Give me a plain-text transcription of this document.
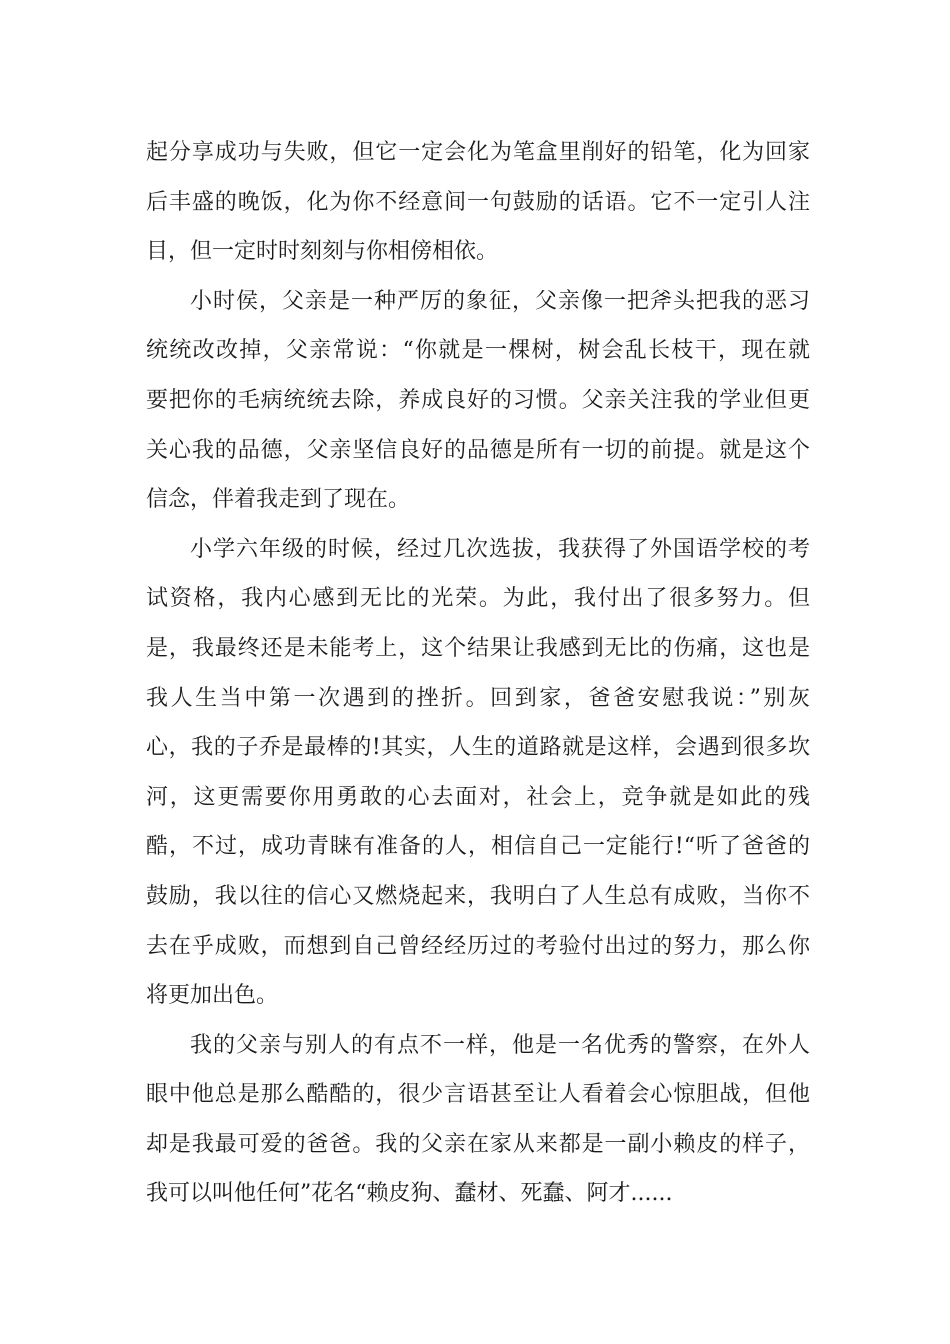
起分享成功与失败，但它一定会化为笔盒里削好的铅笔，化为回家
后丰盛的晚饭，化为你不经意间一句鼓励的话语。它不一定引人注
目，但一定时时刻刻与你相傍相依。
小时侯，父亲是一种严厉的象征，父亲像一把斧头把我的恶习
统统改改掉，父亲常说：“你就是一棵树，树会乱长枝干，现在就
要把你的毛病统统去除，养成良好的习惯。父亲关注我的学业但更
关心我的品德，父亲坚信良好的品德是所有一切的前提。就是这个
信念，伴着我走到了现在。
小学六年级的时候，经过几次选拔，我获得了外国语学校的考
试资格，我内心感到无比的光荣。为此，我付出了很多努力。但
是，我最终还是未能考上，这个结果让我感到无比的伤痛，这也是
我人生当中第一次遇到的挫折。回到家，爸爸安慰我说：”别灰
心，我的子乔是最棒的!其实，人生的道路就是这样，会遇到很多坎
河，这更需要你用勇敢的心去面对，社会上，竞争就是如此的残
酷，不过，成功青睐有准备的人，相信自己一定能行!“听了爸爸的
鼓励，我以往的信心又燃烧起来，我明白了人生总有成败，当你不
去在乎成败，而想到自己曾经经历过的考验付出过的努力，那么你
将更加出色。
我的父亲与别人的有点不一样，他是一名优秀的警察，在外人
眼中他总是那么酷酷的，很少言语甚至让人看着会心惊胆战，但他
却是我最可爱的爸爸。我的父亲在家从来都是一副小赖皮的样子，
我可以叫他任何”花名“赖皮狗、蠢材、死蠢、阿才......
